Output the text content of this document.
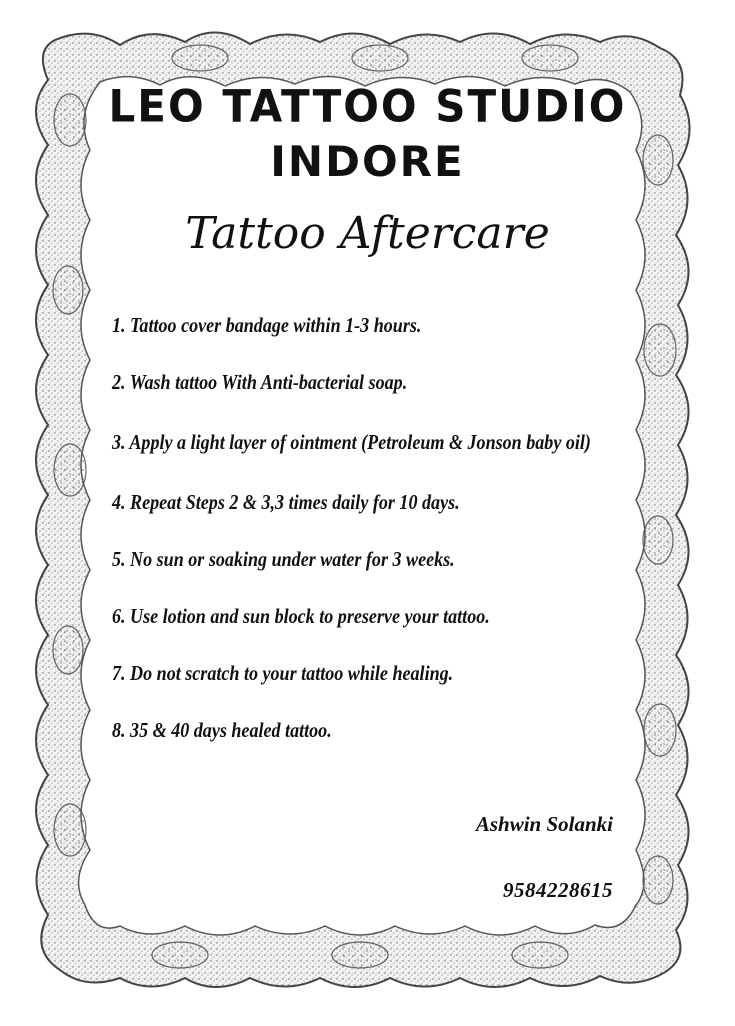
LEO TATTOO STUDIO
INDORE
Tattoo Aftercare
1. Tattoo cover bandage within 1-3 hours.
2. Wash tattoo With Anti-bacterial soap.
3. Apply a light layer of ointment (Petroleum & Jonson baby oil)
4. Repeat Steps 2 & 3,3 times daily for 10 days.
5. No sun or soaking under water for 3 weeks.
6. Use lotion and sun block to preserve your tattoo.
7. Do not scratch to your tattoo while healing.
8. 35 & 40 days healed tattoo.
Ashwin Solanki
9584228615
